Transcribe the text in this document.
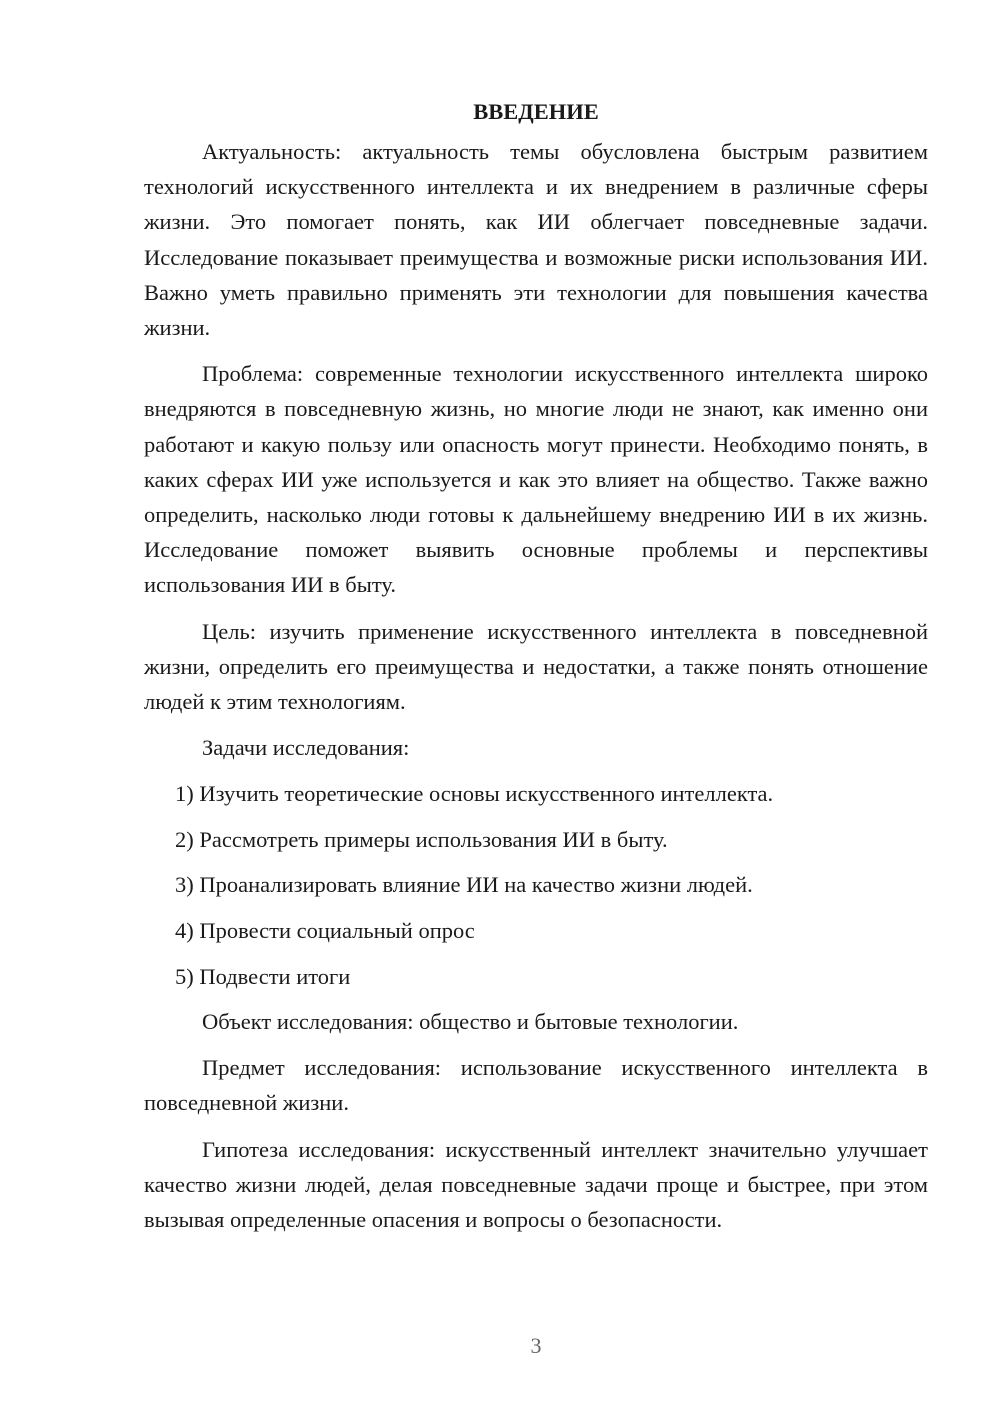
ВВЕДЕНИЕ

Актуальность: актуальность темы обусловлена быстрым развитием технологий искусственного интеллекта и их внедрением в различные сферы жизни. Это помогает понять, как ИИ облегчает повседневные задачи. Исследование показывает преимущества и возможные риски использования ИИ. Важно уметь правильно применять эти технологии для повышения качества жизни.

Проблема: современные технологии искусственного интеллекта широко внедряются в повседневную жизнь, но многие люди не знают, как именно они работают и какую пользу или опасность могут принести. Необходимо понять, в каких сферах ИИ уже используется и как это влияет на общество. Также важно определить, насколько люди готовы к дальнейшему внедрению ИИ в их жизнь. Исследование поможет выявить основные проблемы и перспективы использования ИИ в быту.

Цель: изучить применение искусственного интеллекта в повседневной жизни, определить его преимущества и недостатки, а также понять отношение людей к этим технологиям.

Задачи исследования:

1) Изучить теоретические основы искусственного интеллекта.
2) Рассмотреть примеры использования ИИ в быту.
3) Проанализировать влияние ИИ на качество жизни людей.
4) Провести социальный опрос
5) Подвести итоги

Объект исследования: общество и бытовые технологии.

Предмет исследования: использование искусственного интеллекта в повседневной жизни.

Гипотеза исследования: искусственный интеллект значительно улучшает качество жизни людей, делая повседневные задачи проще и быстрее, при этом вызывая определенные опасения и вопросы о безопасности.

3
